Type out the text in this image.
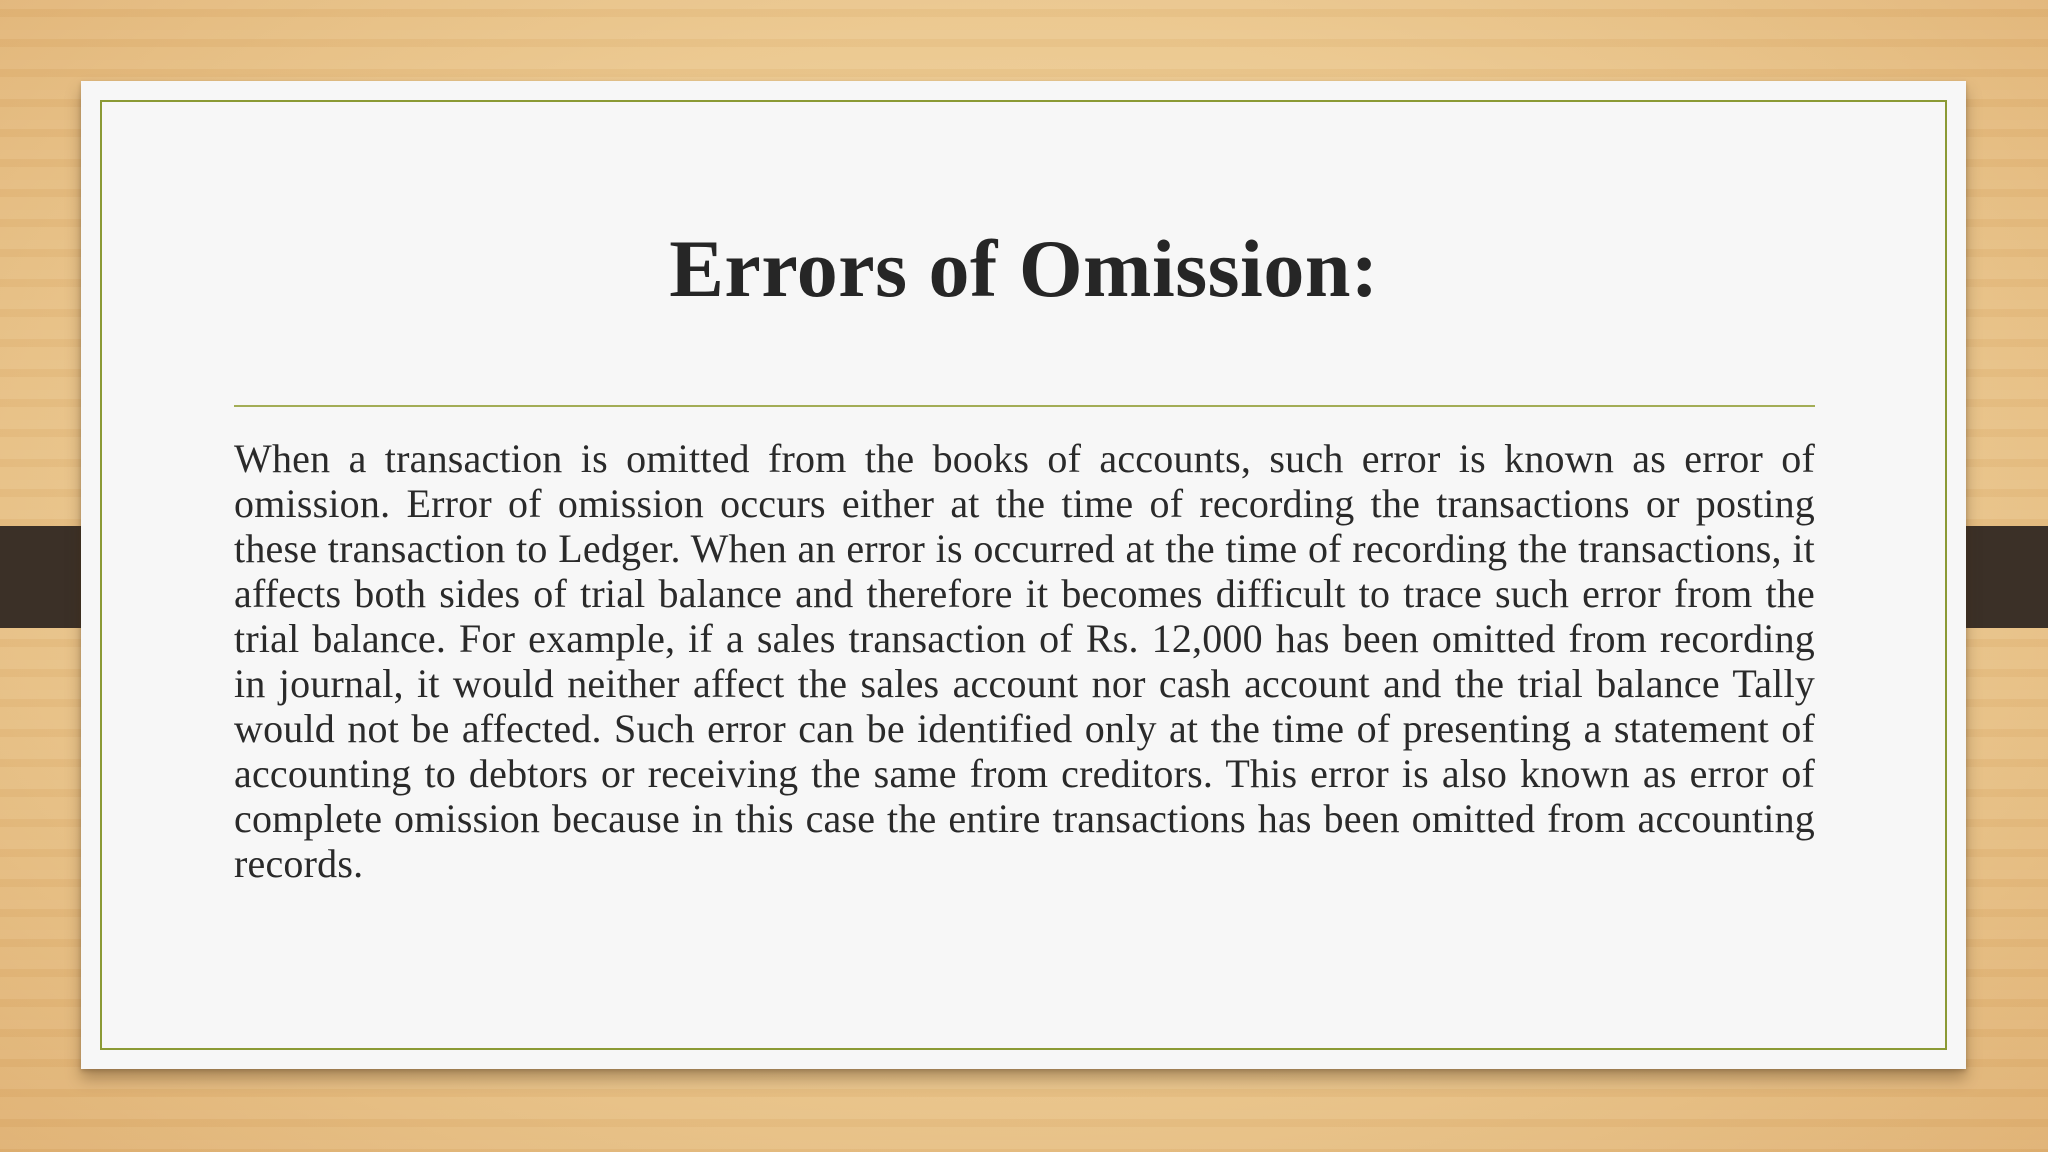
Errors of Omission:

When a transaction is omitted from the books of accounts, such error is known as error of omission. Error of omission occurs either at the time of recording the transactions or posting these transaction to Ledger. When an error is occurred at the time of recording the transactions, it affects both sides of trial balance and therefore it becomes difficult to trace such error from the trial balance. For example, if a sales transaction of Rs. 12,000 has been omitted from recording in journal, it would neither affect the sales account nor cash account and the trial balance Tally would not be affected. Such error can be identified only at the time of presenting a statement of accounting to debtors or receiving the same from creditors. This error is also known as error of complete omission because in this case the entire transactions has been omitted from accounting records.
